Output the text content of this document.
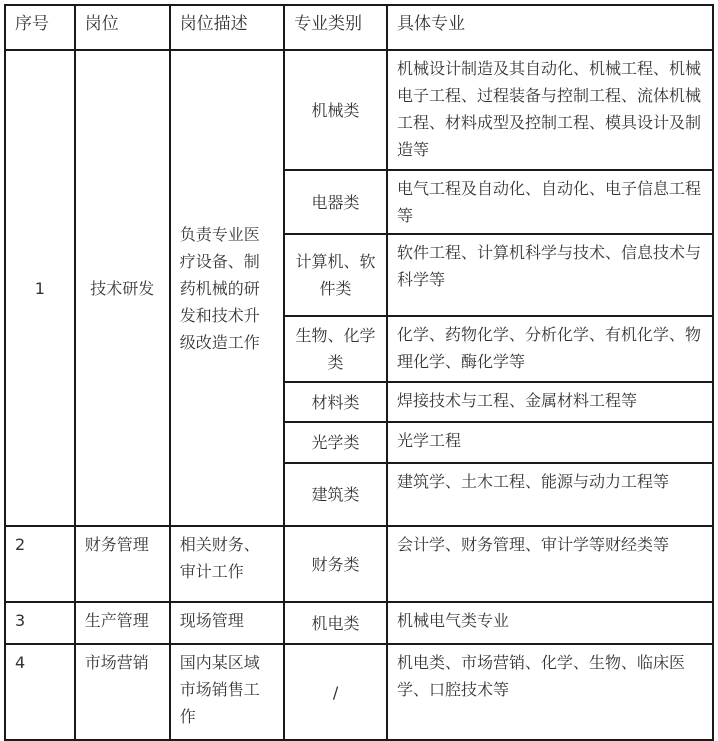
序号	岗位	岗位描述	专业类别	具体专业
1	技术研发	负责专业医疗设备、制药机械的研发和技术升级改造工作	机械类	机械设计制造及其自动化、机械工程、机械电子工程、过程装备与控制工程、流体机械工程、材料成型及控制工程、模具设计及制造等
			电器类	电气工程及自动化、自动化、电子信息工程等
			计算机、软件类	软件工程、计算机科学与技术、信息技术与科学等
			生物、化学类	化学、药物化学、分析化学、有机化学、物理化学、酶化学等
			材料类	焊接技术与工程、金属材料工程等
			光学类	光学工程
			建筑类	建筑学、土木工程、能源与动力工程等
2	财务管理	相关财务、审计工作	财务类	会计学、财务管理、审计学等财经类等
3	生产管理	现场管理	机电类	机械电气类专业
4	市场营销	国内某区域市场销售工作	/	机电类、市场营销、化学、生物、临床医学、口腔技术等
